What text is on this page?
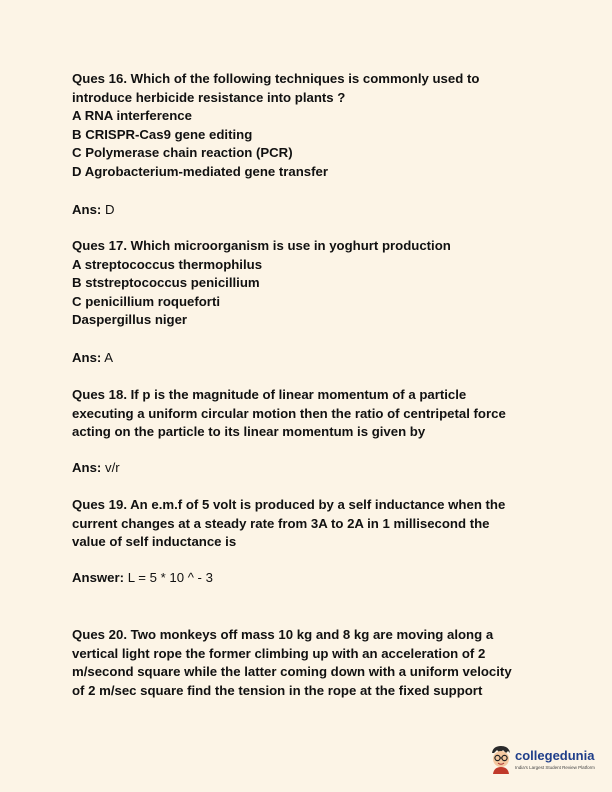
Ques 16. Which of the following techniques is commonly used to

introduce herbicide resistance into plants ?

A RNA interference

B CRISPR-Cas9 gene editing

C Polymerase chain reaction (PCR)

D Agrobacterium-mediated gene transfer

Ans: D

Ques 17. Which microorganism is use in yoghurt production

A streptococcus thermophilus

B ststreptococcus penicillium

C penicillium roqueforti

Daspergillus niger

Ans: A

Ques 18. If p is the magnitude of linear momentum of a particle

executing a uniform circular motion then the ratio of centripetal force

acting on the particle to its linear momentum is given by

Ans: v/r

Ques 19. An e.m.f of 5 volt is produced by a self inductance when the

current changes at a steady rate from 3A to 2A in 1 millisecond the

value of self inductance is

Answer: L = 5 * 10 ^ - 3

Ques 20. Two monkeys off mass 10 kg and 8 kg are moving along a

vertical light rope the former climbing up with an acceleration of 2

m/second square while the latter coming down with a uniform velocity

of 2 m/sec square find the tension in the rope at the fixed support

collegedunia
India's Largest Student Review Platform
